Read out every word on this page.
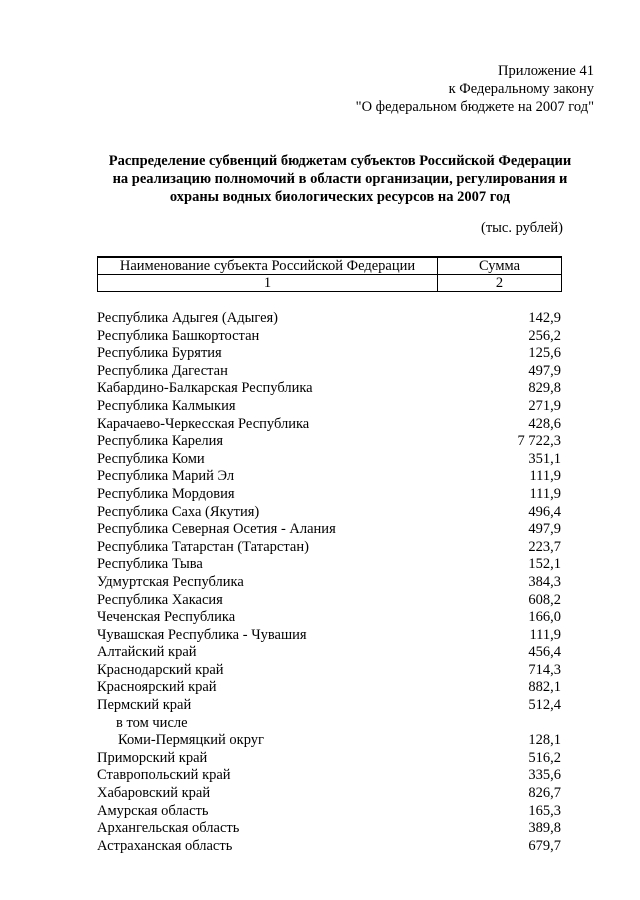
Приложение 41
к Федеральному закону
"О федеральном бюджете на 2007 год"
Распределение субвенций бюджетам субъектов Российской Федерации
на реализацию полномочий в области организации, регулирования и
охраны водных биологических ресурсов на 2007 год
(тыс. рублей)
Наименование субъекта Российской Федерации	Сумма
1	2
Республика Адыгея (Адыгея)	142,9
Республика Башкортостан	256,2
Республика Бурятия	125,6
Республика Дагестан	497,9
Кабардино-Балкарская Республика	829,8
Республика Калмыкия	271,9
Карачаево-Черкесская Республика	428,6
Республика Карелия	7 722,3
Республика Коми	351,1
Республика Марий Эл	111,9
Республика Мордовия	111,9
Республика Саха (Якутия)	496,4
Республика Северная Осетия - Алания	497,9
Республика Татарстан (Татарстан)	223,7
Республика Тыва	152,1
Удмуртская Республика	384,3
Республика Хакасия	608,2
Чеченская Республика	166,0
Чувашская Республика - Чувашия	111,9
Алтайский край	456,4
Краснодарский край	714,3
Красноярский край	882,1
Пермский край	512,4
в том числе
Коми-Пермяцкий округ	128,1
Приморский край	516,2
Ставропольский край	335,6
Хабаровский край	826,7
Амурская область	165,3
Архангельская область	389,8
Астраханская область	679,7
